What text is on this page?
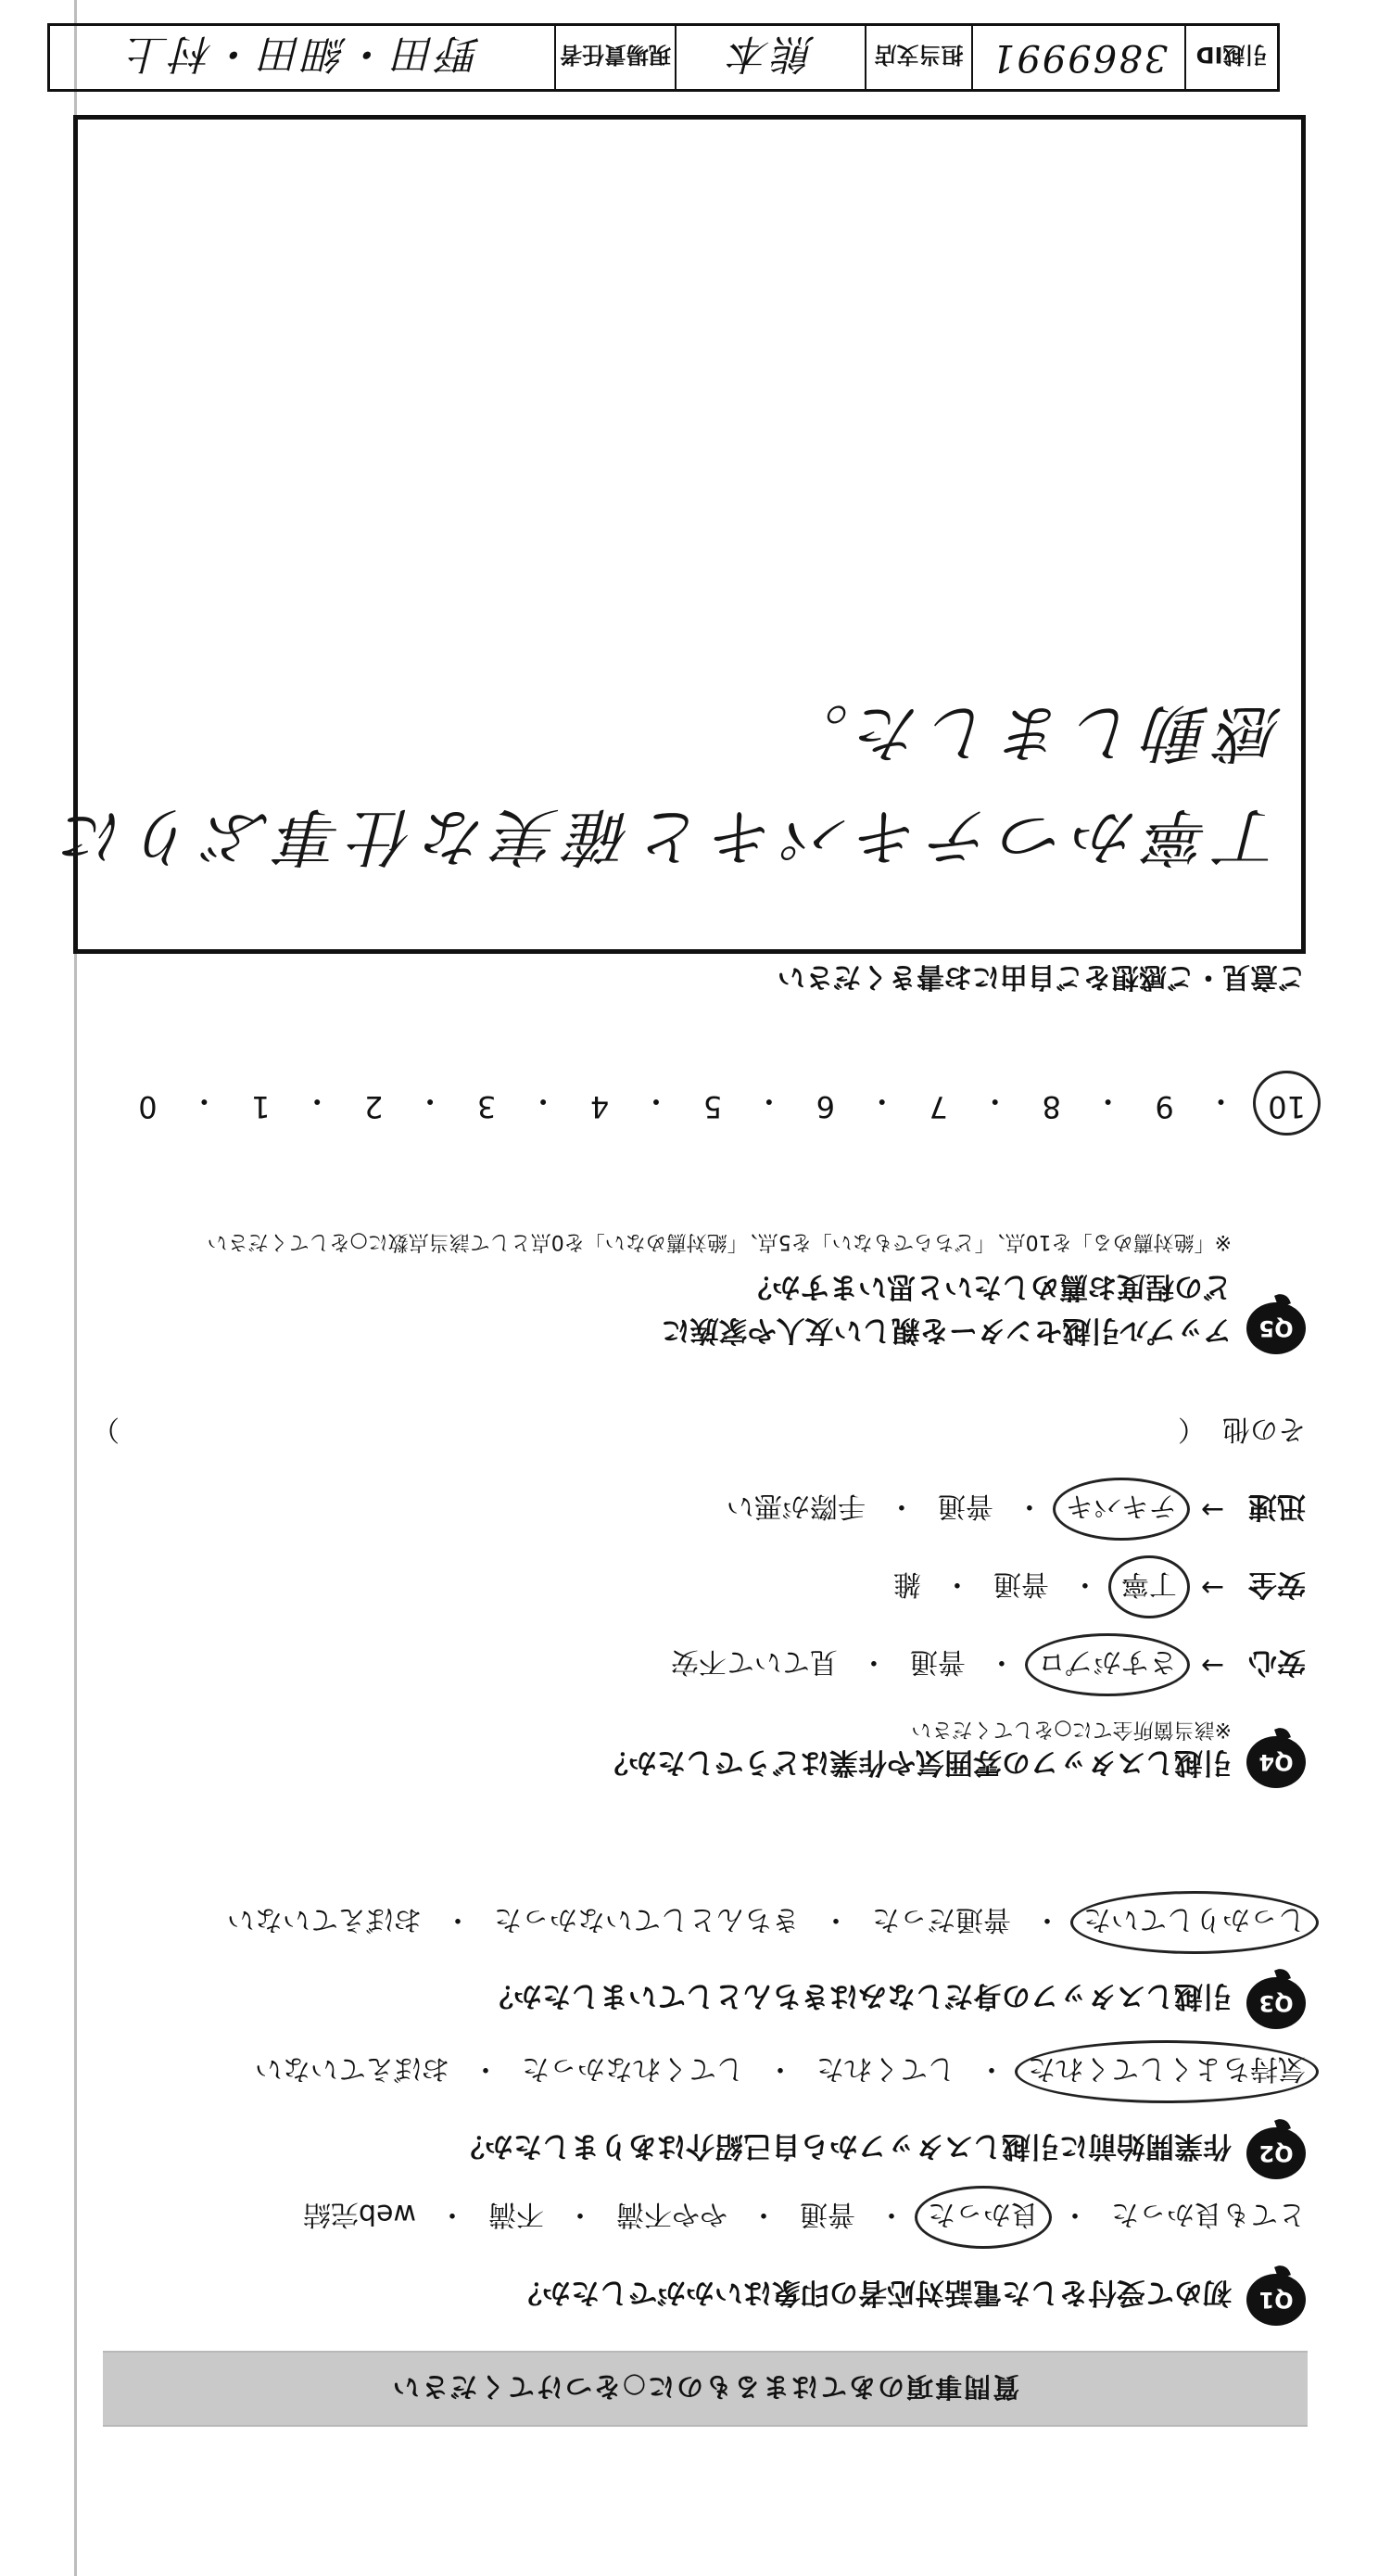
質問事項のあてはまるものに○をつけてください
Q1
初めて受付をした電話対応者の印象はいかがでしたか？
とても良かった
・
良かった
・
普通
・
やや不満
・
不満
・
web完結
Q2
作業開始前に引越しスタッフから自己紹介はありましたか？
気持ちよくしてくれた
・
してくれた
・
してくれなかった
・
おぼえていない
Q3
引越しスタッフの身だしなみはきちんとしていましたか？
しっかりしていた
・
普通だった
・
きちんとしていなかった
・
おぼえていない
Q4
引越しスタッフの雰囲気や作業はどうでしたか？
※該当箇所全てに○をしてください
安心
→
さすがプロ
・
普通
・
見ていて不安
安全
→
丁寧
・
普通
・
雑
迅速
→
テキパキ
・
普通
・
手際が悪い
その他
（
）
Q5
アップル引越センターを親しい友人や家族に
どの程度お薦めしたいと思いますか？
※「絶対薦める」を10点、「どちらでもない」を5点、「絶対薦めない」を0点として該当点数に○をしてください
10
・
9
・
8
・
7
・
6
・
5
・
4
・
3
・
2
・
1
・
0
ご意見・ご感想をご自由にお書きください
丁寧かつテキパキと確実な仕事ぶりに
感動しました。
引越ID
3869991
担当支店
熊本
現場責任者
野田・細田・村上
